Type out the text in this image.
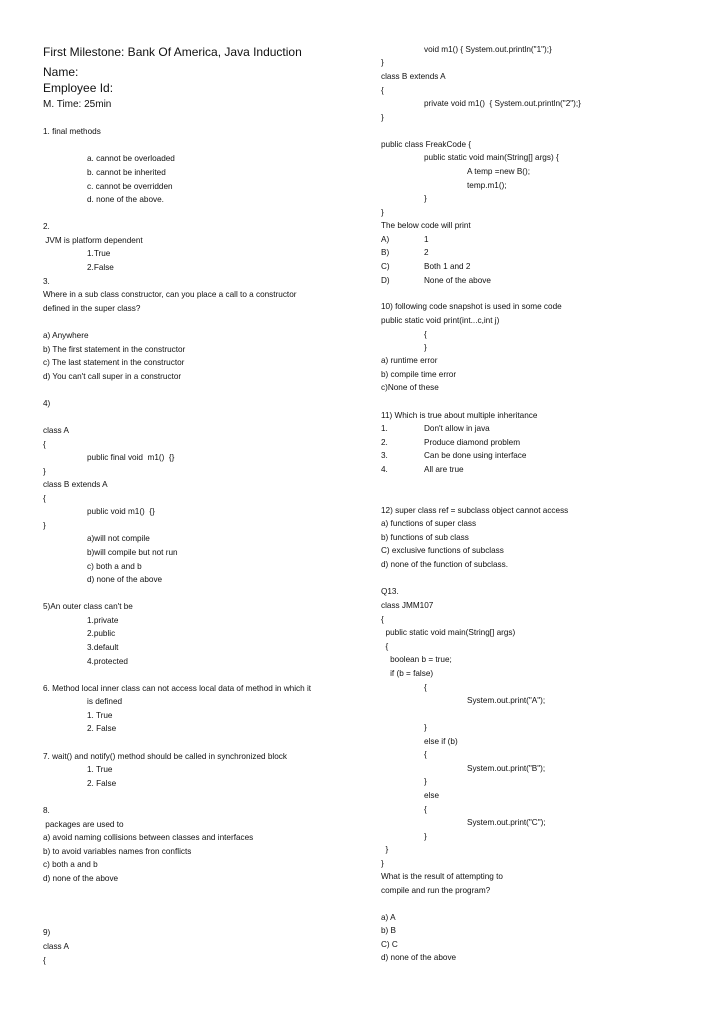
First Milestone: Bank Of America, Java Induction
Name:
Employee Id:
M. Time: 25min
1. final methods
a. cannot be overloaded
b. cannot be inherited
c. cannot be overridden
d. none of the above.
2.
JVM is platform dependent
1.True
2.False
3.
Where in a sub class constructor, can you place a call to a constructor
defined in the super class?
a) Anywhere
b) The first statement in the constructor
c) The last statement in the constructor
d) You can't call super in a constructor
4)
class A
{
public final void  m1()  {}
}
class B extends A
{
public void m1()  {}
}
a)will not compile
b)will compile but not run
c) both a and b
d) none of the above
5)An outer class can't be
1.private
2.public
3.default
4.protected
6. Method local inner class can not access local data of method in which it
is defined
1. True
2. False
7. wait() and notify() method should be called in synchronized block
1. True
2. False
8.
packages are used to
a) avoid naming collisions between classes and interfaces
b) to avoid variables names fron conflicts
c) both a and b
d) none of the above
9)
class A
{
void m1() { System.out.println("1");}
}
class B extends A
{
private void m1()  { System.out.println("2");}
}
public class FreakCode {
public static void main(String[] args) {
A temp =new B();
temp.m1();
}
}
The below code will print
A)	1
B)	2
C)	Both 1 and 2
D)	None of the above
10) following code snapshot is used in some code
public static void print(int...c,int j)
{
}
a) runtime error
b) compile time error
c)None of these
11) Which is true about multiple inheritance
1.	Don't allow in java
2.	Produce diamond problem
3.	Can be done using interface
4.	All are true
12) super class ref = subclass object cannot access
a) functions of super class
b) functions of sub class
C) exclusive functions of subclass
d) none of the function of subclass.
Q13.
class JMM107
{
public static void main(String[] args)
{
boolean b = true;
if (b = false)
{
System.out.print("A");
}
else if (b)
{
System.out.print("B");
}
else
{
System.out.print("C");
}
}
}
What is the result of attempting to
compile and run the program?
a) A
b) B
C) C
d) none of the above
